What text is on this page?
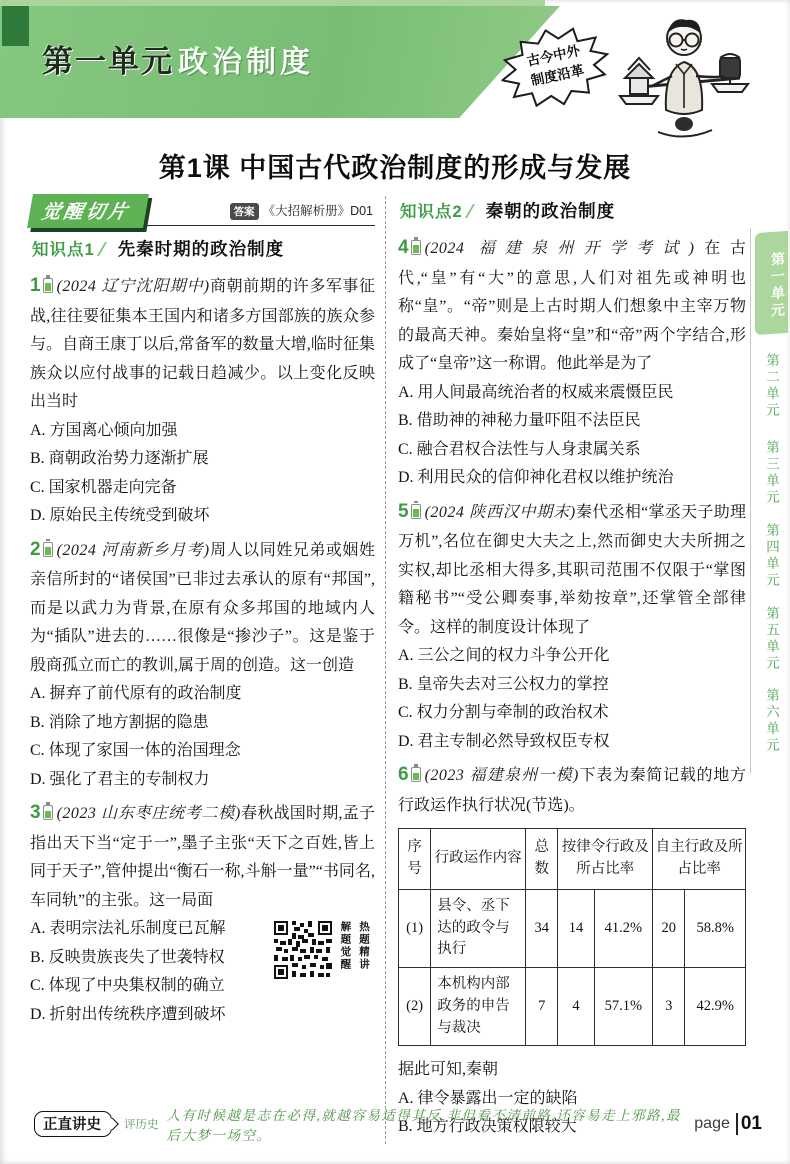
第一单元 政治制度	古今中外
制度沿革
第1课 中国古代政治制度的形成与发展
觉醒切片	答案 《大招解析册》D01
知识点1 先秦时期的政治制度
1 (2024 辽宁沈阳期中)商朝前期的许多军事征战,往往要征集本王国内和诸多方国部族的族众参与。自商王康丁以后,常备军的数量大增,临时征集族众以应付战事的记载日趋减少。以上变化反映出当时
A. 方国离心倾向加强
B. 商朝政治势力逐渐扩展
C. 国家机器走向完备
D. 原始民主传统受到破坏
2 (2024 河南新乡月考)周人以同姓兄弟或姻姓亲信所封的“诸侯国”已非过去承认的原有“邦国”,而是以武力为背景,在原有众多邦国的地域内人为“插队”进去的……很像是“掺沙子”。这是鉴于殷商孤立而亡的教训,属于周的创造。这一创造
A. 摒弃了前代原有的政治制度
B. 消除了地方割据的隐患
C. 体现了家国一体的治国理念
D. 强化了君主的专制权力
3 (2023 山东枣庄统考二模)春秋战国时期,孟子指出天下当“定于一”,墨子主张“天下之百姓,皆上同于天子”,管仲提出“衡石一称,斗斛一量”“书同名,车同轨”的主张。这一局面
A. 表明宗法礼乐制度已瓦解
B. 反映贵族丧失了世袭特权
C. 体现了中央集权制的确立
D. 折射出传统秩序遭到破坏
解题觉醒 热题精讲
知识点2 秦朝的政治制度
4 (2024 福建泉州开学考试)在古代,“皇”有“大”的意思,人们对祖先或神明也称“皇”。“帝”则是上古时期人们想象中主宰万物的最高天神。秦始皇将“皇”和“帝”两个字结合,形成了“皇帝”这一称谓。他此举是为了
A. 用人间最高统治者的权威来震慑臣民
B. 借助神的神秘力量吓阻不法臣民
C. 融合君权合法性与人身隶属关系
D. 利用民众的信仰神化君权以维护统治
5 (2024 陕西汉中期末)秦代丞相“掌丞天子助理万机”,名位在御史大夫之上,然而御史大夫所拥之实权,却比丞相大得多,其职司范围不仅限于“掌图籍秘书”“受公卿奏事,举劾按章”,还掌管全部律令。这样的制度设计体现了
A. 三公之间的权力斗争公开化
B. 皇帝失去对三公权力的掌控
C. 权力分割与牵制的政治权术
D. 君主专制必然导致权臣专权
6 (2023 福建泉州一模)下表为秦简记载的地方行政运作执行状况(节选)。
序号	行政运作内容	总数	按律令行政及所占比率		自主行政及所占比率	
(1)	县令、丞下达的政令与执行	34	14	41.2%	20	58.8%
(2)	本机构内部政务的申告与裁决	7	4	57.1%	3	42.9%
据此可知,秦朝
A. 律令暴露出一定的缺陷
B. 地方行政决策权限较大
第一单元
第二单元
第三单元
第四单元
第五单元
第六单元
正直讲史	评历史
人有时候越是志在必得,就越容易适得其反,非但看不清前路,还容易走上邪路,最后大梦一场空。
page 01
